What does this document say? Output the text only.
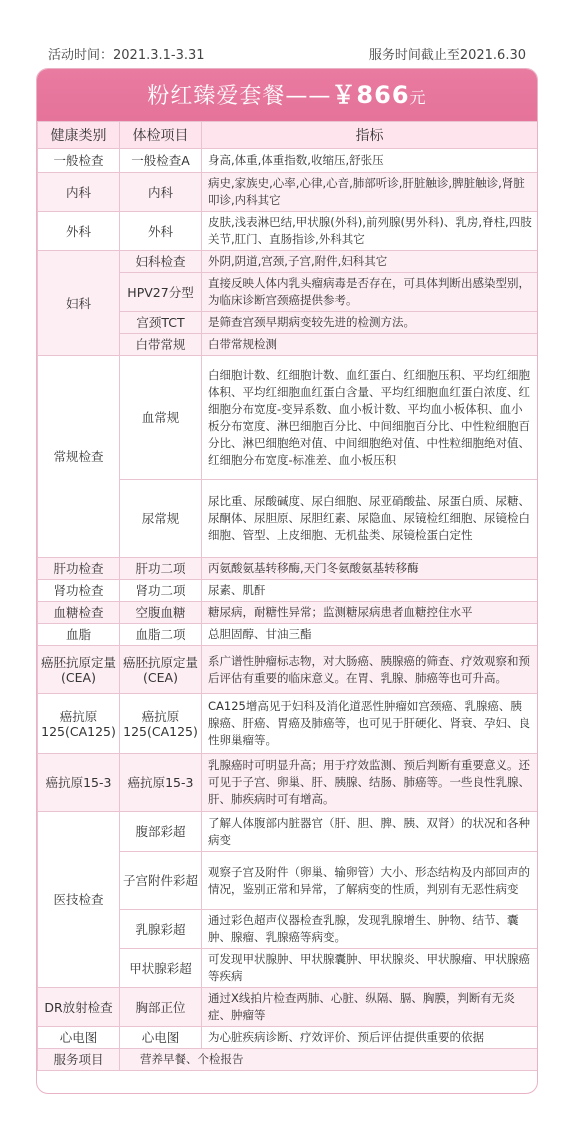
活动时间：2021.3.1-3.31	服务时间截止至2021.6.30
粉红臻爱套餐——￥866元
健康类别	体检项目	指标
一般检查	一般检查A	身高,体重,体重指数,收缩压,舒张压
内科	内科	病史,家族史,心率,心律,心音,肺部听诊,肝脏触诊,脾脏触诊,肾脏叩诊,内科其它
外科	外科	皮肤,浅表淋巴结,甲状腺(外科),前列腺(男外科)、乳房,脊柱,四肢关节,肛门、直肠指诊,外科其它
妇科	妇科检查	外阴,阴道,宫颈,子宫,附件,妇科其它
	HPV27分型	直接反映人体内乳头瘤病毒是否存在，可具体判断出感染型别，为临床诊断宫颈癌提供参考。
	宫颈TCT	是筛查宫颈早期病变较先进的检测方法。
	白带常规	白带常规检测
常规检查	血常规	白细胞计数、红细胞计数、血红蛋白、红细胞压积、平均红细胞体积、平均红细胞血红蛋白含量、平均红细胞血红蛋白浓度、红细胞分布宽度-变异系数、血小板计数、平均血小板体积、血小板分布宽度、淋巴细胞百分比、中间细胞百分比、中性粒细胞百分比、淋巴细胞绝对值、中间细胞绝对值、中性粒细胞绝对值、红细胞分布宽度-标准差、血小板压积
	尿常规	尿比重、尿酸碱度、尿白细胞、尿亚硝酸盐、尿蛋白质、尿糖、尿酮体、尿胆原、尿胆红素、尿隐血、尿镜检红细胞、尿镜检白细胞、管型、上皮细胞、无机盐类、尿镜检蛋白定性
肝功检查	肝功二项	丙氨酸氨基转移酶,天门冬氨酸氨基转移酶
肾功检查	肾功二项	尿素、肌酐
血糖检查	空腹血糖	糖尿病，耐糖性异常；监测糖尿病患者血糖控住水平
血脂	血脂二项	总胆固醇、甘油三酯
癌胚抗原定量(CEA)	癌胚抗原定量(CEA)	系广谱性肿瘤标志物，对大肠癌、胰腺癌的筛查、疗效观察和预后评估有重要的临床意义。在胃、乳腺、肺癌等也可升高。
癌抗原125(CA125)	癌抗原125(CA125)	CA125增高见于妇科及消化道恶性肿瘤如宫颈癌、乳腺癌、胰腺癌、肝癌、胃癌及肺癌等，也可见于肝硬化、肾衰、孕妇、良性卵巢瘤等。
癌抗原15-3	癌抗原15-3	乳腺癌时可明显升高；用于疗效监测、预后判断有重要意义。还可见于子宫、卵巢、肝、胰腺、结肠、肺癌等。一些良性乳腺、肝、肺疾病时可有增高。
医技检查	腹部彩超	了解人体腹部内脏器官（肝、胆、脾、胰、双肾）的状况和各种病变
	子宫附件彩超	观察子宫及附件（卵巢、输卵管）大小、形态结构及内部回声的情况，鉴别正常和异常，了解病变的性质，判别有无恶性病变
	乳腺彩超	通过彩色超声仪器检查乳腺，发现乳腺增生、肿物、结节、囊肿、腺瘤、乳腺癌等病变。
	甲状腺彩超	可发现甲状腺肿、甲状腺囊肿、甲状腺炎、甲状腺瘤、甲状腺癌等疾病
DR放射检查	胸部正位	通过X线拍片检查两肺、心脏、纵隔、膈、胸膜，判断有无炎症、肿瘤等
心电图	心电图	为心脏疾病诊断、疗效评价、预后评估提供重要的依据
服务项目	营养早餐、个检报告	
